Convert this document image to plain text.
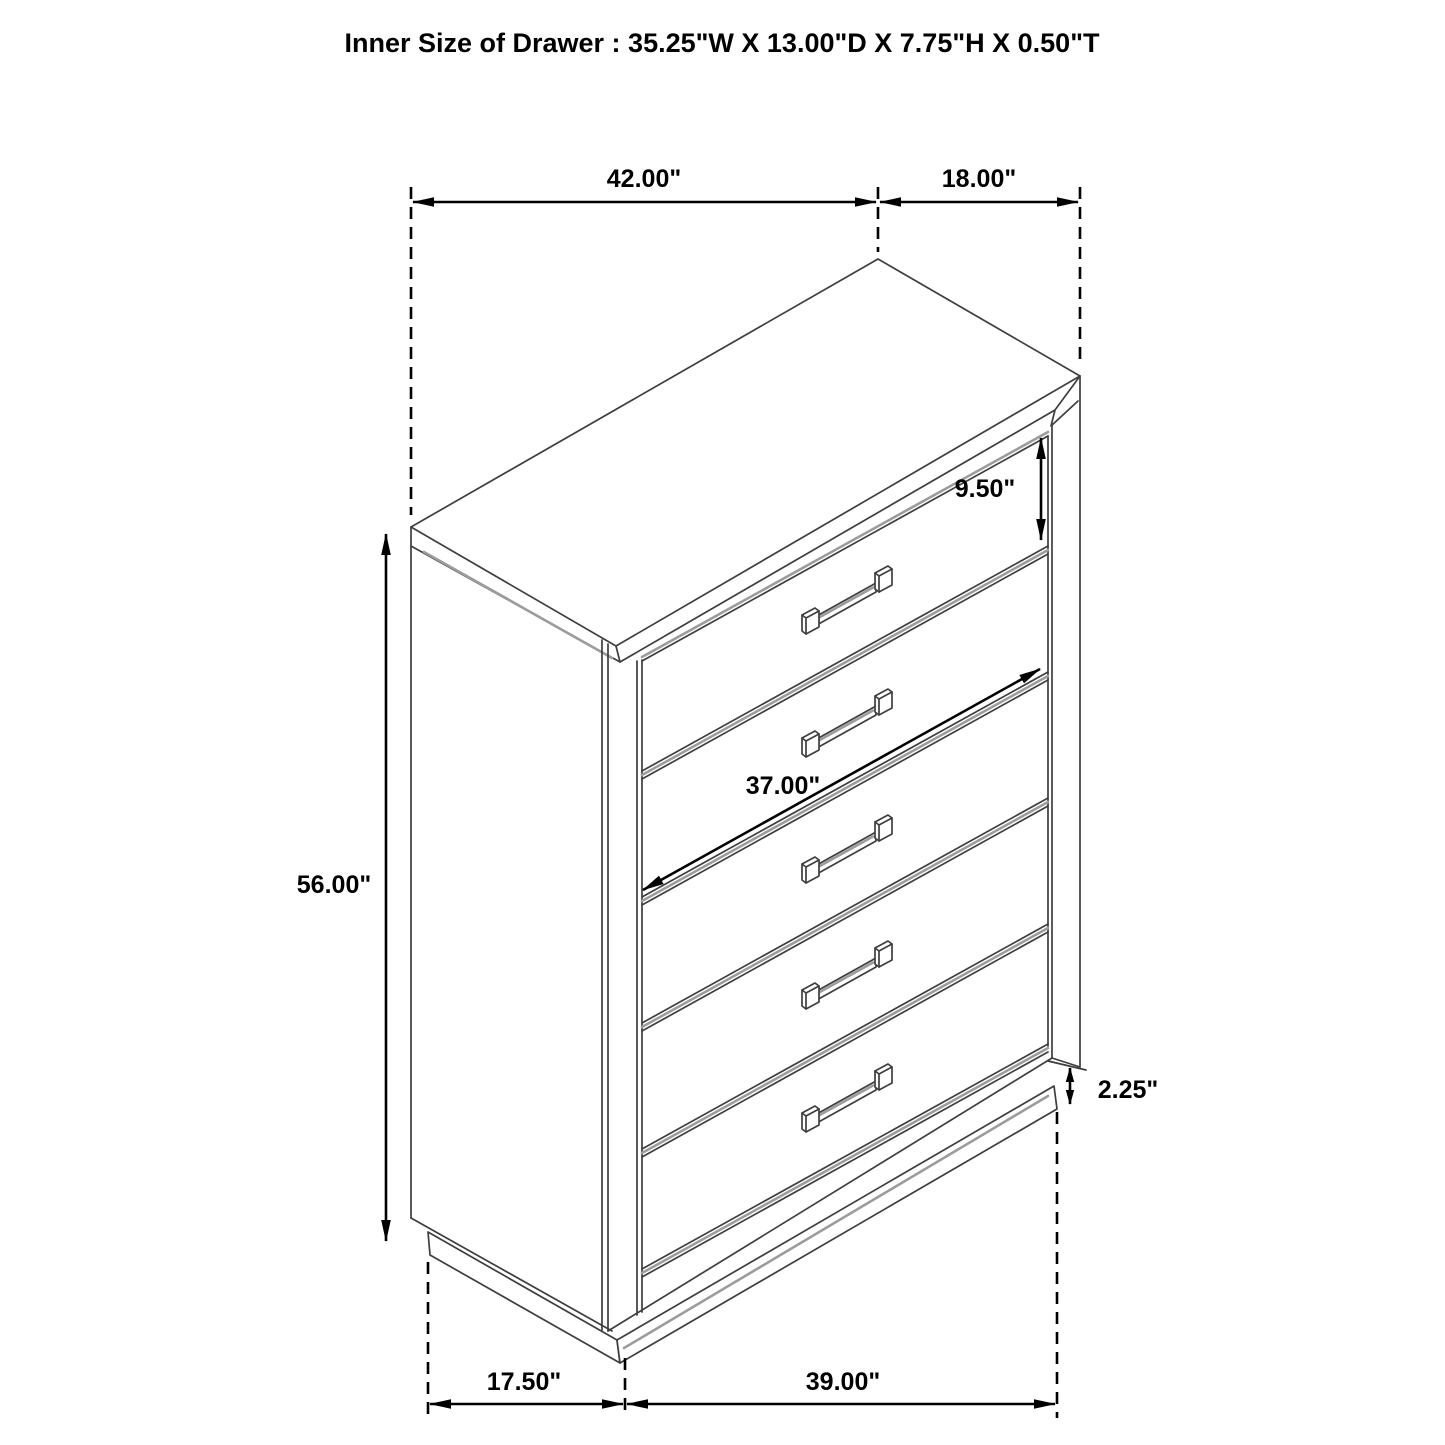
Inner Size of Drawer : 35.25"W X 13.00"D X 7.75"H X 0.50"T
42.00"	18.00"
9.50"
37.00"
56.00"
2.25"
17.50"	39.00"
